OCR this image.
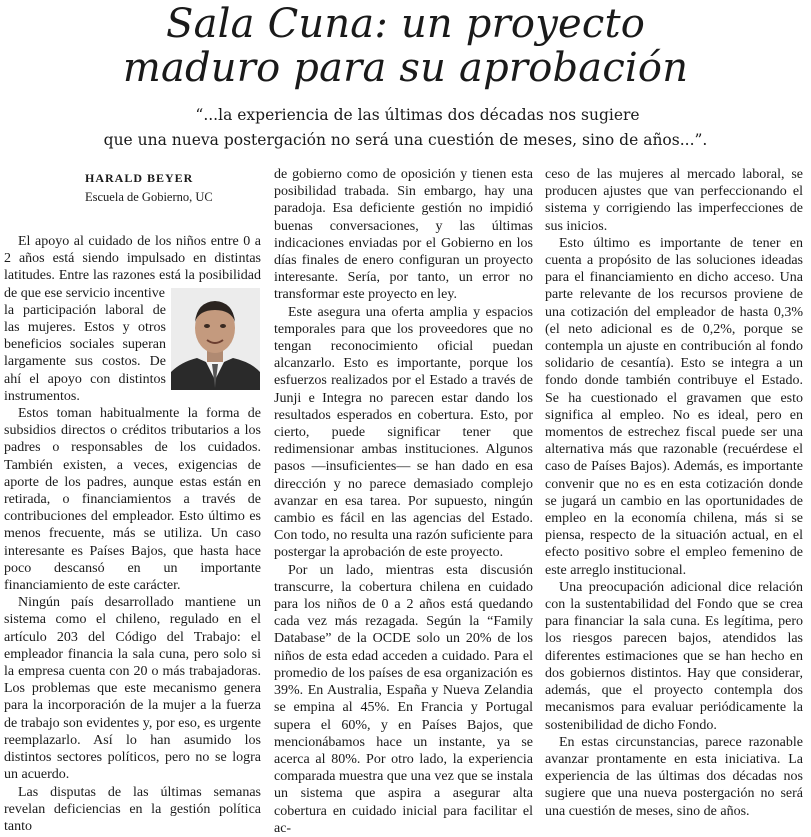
Sala Cuna: un proyecto
maduro para su aprobación
“...la experiencia de las últimas dos décadas nos sugiere
que una nueva postergación no será una cuestión de meses, sino de años...”.
HARALD BEYER
Escuela de Gobierno, UC

El apoyo al cuidado de los niños entre 0 a 2 años está siendo impulsado en distintas latitudes. Entre las razones está la posibilidad de que ese servicio incentive

la participación laboral de las mujeres. Estos y otros beneficios sociales superan largamente sus costos. De ahí el apoyo con distintos instrumentos.

Estos toman habitualmente la forma de subsidios directos o créditos tributarios a los padres o responsables de los cuidados. También existen, a veces, exigencias de aporte de los padres, aunque estas están en retirada, o financiamientos a través de contribuciones del empleador. Esto último es menos frecuente, más se utiliza. Un caso interesante es Países Bajos, que hasta hace poco descansó en un importante financiamiento de este carácter.

Ningún país desarrollado mantiene un sistema como el chileno, regulado en el artículo 203 del Código del Trabajo: el empleador financia la sala cuna, pero solo si la empresa cuenta con 20 o más trabajadoras. Los problemas que este mecanismo genera para la incorporación de la mujer a la fuerza de trabajo son evidentes y, por eso, es urgente reemplazarlo. Así lo han asumido los distintos sectores políticos, pero no se logra un acuerdo.

Las disputas de las últimas semanas revelan deficiencias en la gestión política tanto

de gobierno como de oposición y tienen esta posibilidad trabada. Sin embargo, hay una paradoja. Esa deficiente gestión no impidió buenas conversaciones, y las últimas indicaciones enviadas por el Gobierno en los días finales de enero configuran un proyecto interesante. Sería, por tanto, un error no transformar este proyecto en ley.

Este asegura una oferta amplia y espacios temporales para que los proveedores que no tengan reconocimiento oficial puedan alcanzarlo. Esto es importante, porque los esfuerzos realizados por el Estado a través de Junji e Integra no parecen estar dando los resultados esperados en cobertura. Esto, por cierto, puede significar tener que redimensionar ambas instituciones. Algunos pasos —insuficientes— se han dado en esa dirección y no parece demasiado complejo avanzar en esa tarea. Por supuesto, ningún cambio es fácil en las agencias del Estado. Con todo, no resulta una razón suficiente para postergar la aprobación de este proyecto.

Por un lado, mientras esta discusión transcurre, la cobertura chilena en cuidado para los niños de 0 a 2 años está quedando cada vez más rezagada. Según la “Family Database” de la OCDE solo un 20% de los niños de esta edad acceden a cuidado. Para el promedio de los países de esa organización es 39%. En Australia, España y Nueva Zelandia se empina al 45%. En Francia y Portugal supera el 60%, y en Países Bajos, que mencionábamos hace un instante, ya se acerca al 80%. Por otro lado, la experiencia comparada muestra que una vez que se instala un sistema que aspira a asegurar alta cobertura en cuidado inicial para facilitar el ac-

ceso de las mujeres al mercado laboral, se producen ajustes que van perfeccionando el sistema y corrigiendo las imperfecciones de sus inicios.

Esto último es importante de tener en cuenta a propósito de las soluciones ideadas para el financiamiento en dicho acceso. Una parte relevante de los recursos proviene de una cotización del empleador de hasta 0,3% (el neto adicional es de 0,2%, porque se contempla un ajuste en contribución al fondo solidario de cesantía). Esto se integra a un fondo donde también contribuye el Estado. Se ha cuestionado el gravamen que esto significa al empleo. No es ideal, pero en momentos de estrechez fiscal puede ser una alternativa más que razonable (recuérdese el caso de Países Bajos). Además, es importante convenir que no es en esta cotización donde se jugará un cambio en las oportunidades de empleo en la economía chilena, más si se piensa, respecto de la situación actual, en el efecto positivo sobre el empleo femenino de este arreglo institucional.

Una preocupación adicional dice relación con la sustentabilidad del Fondo que se crea para financiar la sala cuna. Es legítima, pero los riesgos parecen bajos, atendidos las diferentes estimaciones que se han hecho en dos gobiernos distintos. Hay que considerar, además, que el proyecto contempla dos mecanismos para evaluar periódicamente la sostenibilidad de dicho Fondo.

En estas circunstancias, parece razonable avanzar prontamente en esta iniciativa. La experiencia de las últimas dos décadas nos sugiere que una nueva postergación no será una cuestión de meses, sino de años.
